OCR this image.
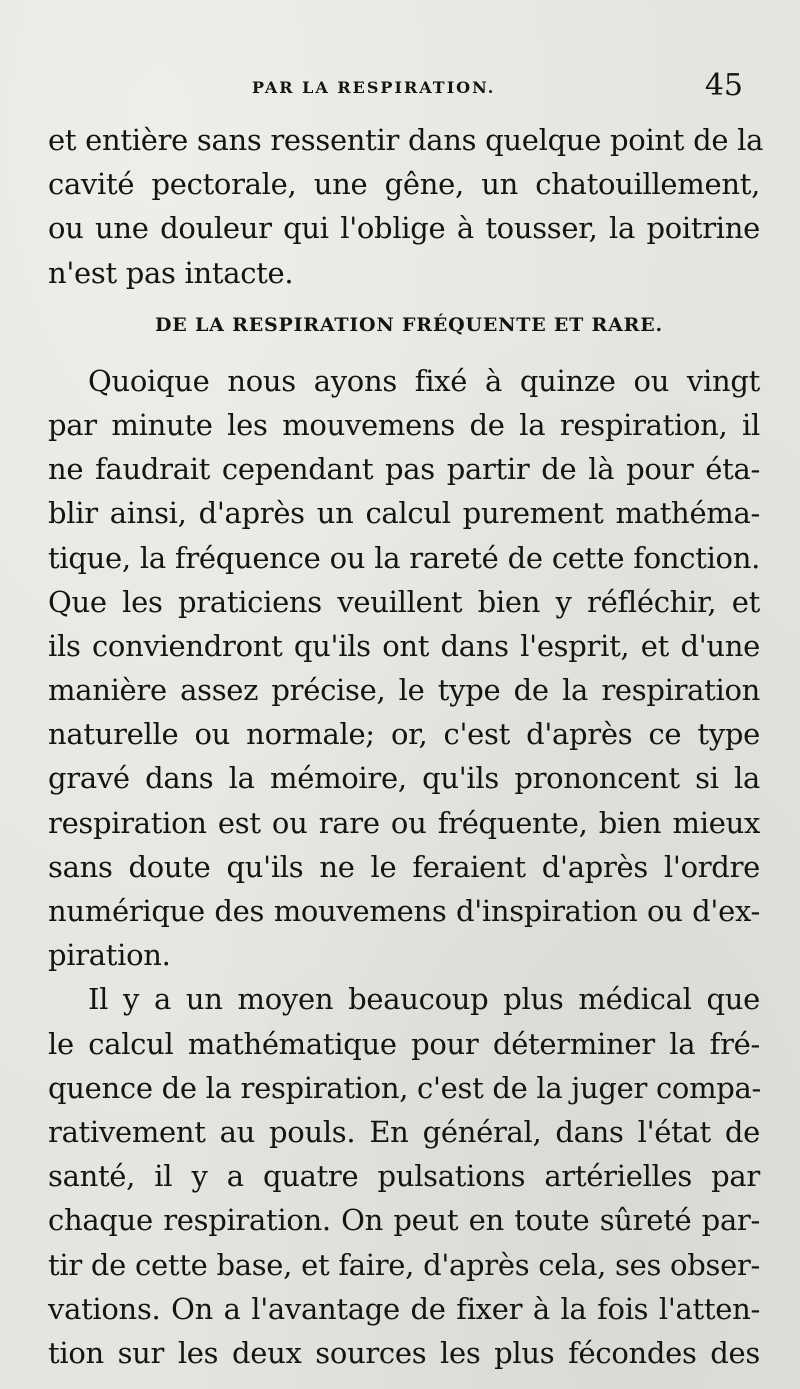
PAR LA RESPIRATION.	45
et entière sans ressentir dans quelque point de la
cavité pectorale, une gêne, un chatouillement,
ou une douleur qui l'oblige à tousser, la poitrine
n'est pas intacte.
DE LA RESPIRATION FRÉQUENTE ET RARE.
Quoique nous ayons fixé à quinze ou vingt
par minute les mouvemens de la respiration, il
ne faudrait cependant pas partir de là pour éta-
blir ainsi, d'après un calcul purement mathéma-
tique, la fréquence ou la rareté de cette fonction.
Que les praticiens veuillent bien y réfléchir, et
ils conviendront qu'ils ont dans l'esprit, et d'une
manière assez précise, le type de la respiration
naturelle ou normale; or, c'est d'après ce type
gravé dans la mémoire, qu'ils prononcent si la
respiration est ou rare ou fréquente, bien mieux
sans doute qu'ils ne le feraient d'après l'ordre
numérique des mouvemens d'inspiration ou d'ex-
piration.
Il y a un moyen beaucoup plus médical que
le calcul mathématique pour déterminer la fré-
quence de la respiration, c'est de la juger compa-
rativement au pouls. En général, dans l'état de
santé, il y a quatre pulsations artérielles par
chaque respiration. On peut en toute sûreté par-
tir de cette base, et faire, d'après cela, ses obser-
vations. On a l'avantage de fixer à la fois l'atten-
tion sur les deux sources les plus fécondes des
